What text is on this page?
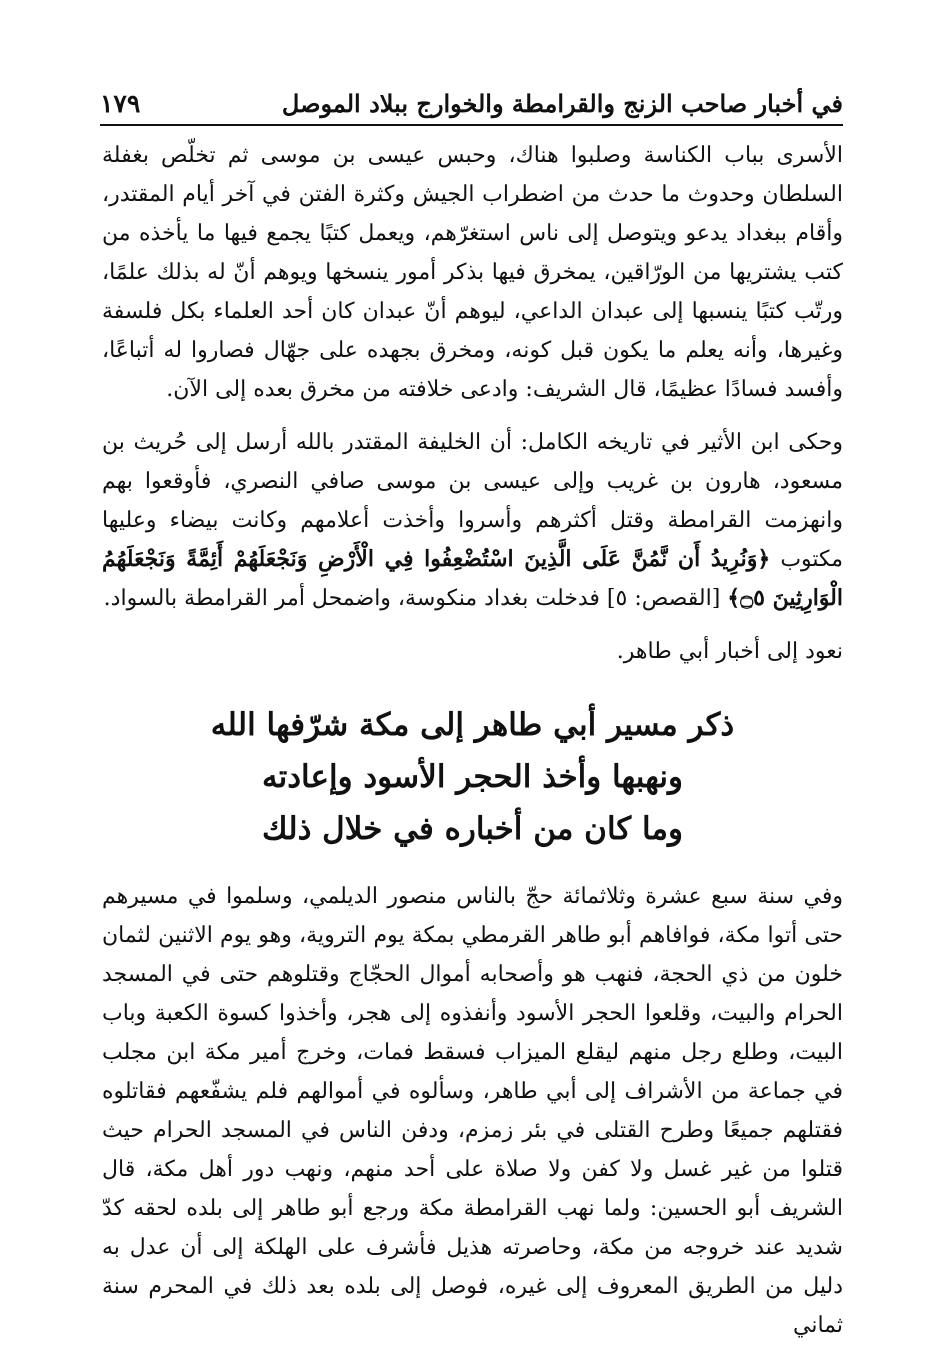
في أخبار صاحب الزنج والقرامطة والخوارج ببلاد الموصل
١٧٩

الأسرى بباب الكناسة وصلبوا هناك، وحبس عيسى بن موسى ثم تخلّص بغفلة السلطان وحدوث ما حدث من اضطراب الجيش وكثرة الفتن في آخر أيام المقتدر، وأقام ببغداد يدعو ويتوصل إلى ناس استغرّهم، ويعمل كتبًا يجمع فيها ما يأخذه من كتب يشتريها من الورّاقين، يمخرق فيها بذكر أمور ينسخها ويوهم أنّ له بذلك علمًا، ورتّب كتبًا ينسبها إلى عبدان الداعي، ليوهم أنّ عبدان كان أحد العلماء بكل فلسفة وغيرها، وأنه يعلم ما يكون قبل كونه، ومخرق بجهده على جهّال فصاروا له أتباعًا، وأفسد فسادًا عظيمًا، قال الشريف: وادعى خلافته من مخرق بعده إلى الآن.

وحكى ابن الأثير في تاريخه الكامل: أن الخليفة المقتدر بالله أرسل إلى حُريث بن مسعود، هارون بن غريب وإلى عيسى بن موسى صافي النصري، فأوقعوا بهم وانهزمت القرامطة وقتل أكثرهم وأسروا وأخذت أعلامهم وكانت بيضاء وعليها مكتوب ﴿وَنُرِيدُ أَن نَّمُنَّ عَلَى الَّذِينَ اسْتُضْعِفُوا فِي الْأَرْضِ وَنَجْعَلَهُمْ أَئِمَّةً وَنَجْعَلَهُمُ الْوَارِثِينَ ۝٥﴾ [القصص: ٥] فدخلت بغداد منكوسة، واضمحل أمر القرامطة بالسواد.

نعود إلى أخبار أبي طاهر.

ذكر مسير أبي طاهر إلى مكة شرّفها الله
ونهبها وأخذ الحجر الأسود وإعادته
وما كان من أخباره في خلال ذلك

وفي سنة سبع عشرة وثلاثمائة حجّ بالناس منصور الديلمي، وسلموا في مسيرهم حتى أتوا مكة، فوافاهم أبو طاهر القرمطي بمكة يوم التروية، وهو يوم الاثنين لثمان خلون من ذي الحجة، فنهب هو وأصحابه أموال الحجّاج وقتلوهم حتى في المسجد الحرام والبيت، وقلعوا الحجر الأسود وأنفذوه إلى هجر، وأخذوا كسوة الكعبة وباب البيت، وطلع رجل منهم ليقلع الميزاب فسقط فمات، وخرج أمير مكة ابن مجلب في جماعة من الأشراف إلى أبي طاهر، وسألوه في أموالهم فلم يشفّعهم فقاتلوه فقتلهم جميعًا وطرح القتلى في بئر زمزم، ودفن الناس في المسجد الحرام حيث قتلوا من غير غسل ولا كفن ولا صلاة على أحد منهم، ونهب دور أهل مكة، قال الشريف أبو الحسين: ولما نهب القرامطة مكة ورجع أبو طاهر إلى بلده لحقه كدّ شديد عند خروجه من مكة، وحاصرته هذيل فأشرف على الهلكة إلى أن عدل به دليل من الطريق المعروف إلى غيره، فوصل إلى بلده بعد ذلك في المحرم سنة ثماني
